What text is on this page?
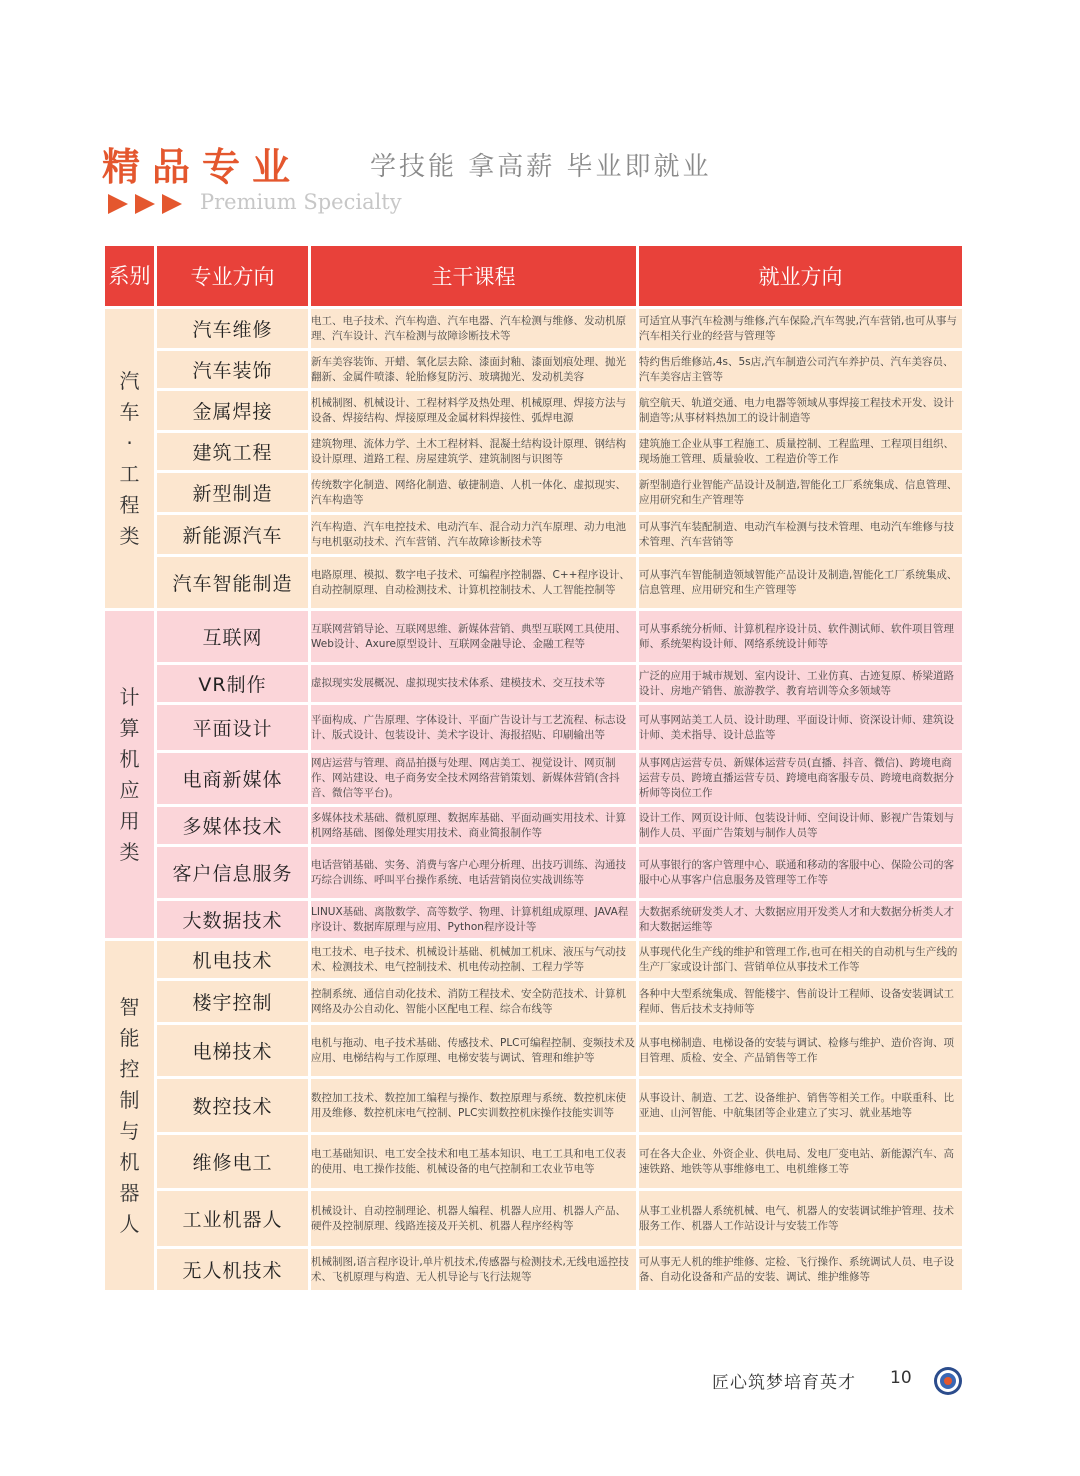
精品专业	学技能 拿高薪 毕业即就业
Premium Specialty
系别	专业方向	主干课程	就业方向

汽车·工程类	汽车维修	电工、电子技术、汽车构造、汽车电器、汽车检测与维修、发动机原理、汽车设计、汽车检测与故障诊断技术等	可适宜从事汽车检测与维修,汽车保险,汽车驾驶,汽车营销,也可从事与汽车相关行业的经营与管理等
	汽车装饰	新车美容装饰、开蜡、氧化层去除、漆面封釉、漆面划痕处理、抛光翻新、金属件喷漆、轮胎修复防污、玻璃抛光、发动机美容	特约售后维修站,4s、5s店,汽车制造公司汽车养护员、汽车美容员、汽车美容店主管等
	金属焊接	机械制图、机械设计、工程材料学及热处理、机械原理、焊接方法与设备、焊接结构、焊接原理及金属材料焊接性、弧焊电源	航空航天、轨道交通、电力电器等领域从事焊接工程技术开发、设计制造等;从事材料热加工的设计制造等
	建筑工程	建筑物理、流体力学、土木工程材料、混凝土结构设计原理、钢结构设计原理、道路工程、房屋建筑学、建筑制图与识图等	建筑施工企业从事工程施工、质量控制、工程监理、工程项目组织、现场施工管理、质量验收、工程造价等工作
	新型制造	传统数字化制造、网络化制造、敏捷制造、人机一体化、虚拟现实、汽车构造等	新型制造行业智能产品设计及制造,智能化工厂系统集成、信息管理、应用研究和生产管理等
	新能源汽车	汽车构造、汽车电控技术、电动汽车、混合动力汽车原理、动力电池与电机驱动技术、汽车营销、汽车故障诊断技术等	可从事汽车装配制造、电动汽车检测与技术管理、电动汽车维修与技术管理、汽车营销等
	汽车智能制造	电路原理、模拟、数字电子技术、可编程序控制器、C++程序设计、自动控制原理、自动检测技术、计算机控制技术、人工智能控制等	可从事汽车智能制造领域智能产品设计及制造,智能化工厂系统集成、信息管理、应用研究和生产管理等

计算机应用类	互联网	互联网营销导论、互联网思维、新媒体营销、典型互联网工具使用、Web设计、Axure原型设计、互联网金融导论、金融工程等	可从事系统分析师、计算机程序设计员、软件测试师、软件项目管理师、系统架构设计师、网络系统设计师等
	VR制作	虚拟现实发展概况、虚拟现实技术体系、建模技术、交互技术等	广泛的应用于城市规划、室内设计、工业仿真、古迹复原、桥梁道路设计、房地产销售、旅游教学、教育培训等众多领域等
	平面设计	平面构成、广告原理、字体设计、平面广告设计与工艺流程、标志设计、版式设计、包装设计、美术字设计、海报招贴、印刷输出等	可从事网站美工人员、设计助理、平面设计师、资深设计师、建筑设计师、美术指导、设计总监等
	电商新媒体	网店运营与管理、商品拍摄与处理、网店美工、视觉设计、网页制作、网站建设、电子商务安全技术网络营销策划、新媒体营销(含抖音、微信等平台)。	从事网店运营专员、新媒体运营专员(直播、抖音、微信)、跨境电商运营专员、跨境直播运营专员、跨境电商客服专员、跨境电商数据分析师等岗位工作
	多媒体技术	多媒体技术基础、微机原理、数据库基础、平面动画实用技术、计算机网络基础、图像处理实用技术、商业简报制作等	设计工作、网页设计师、包装设计师、空间设计师、影视广告策划与制作人员、平面广告策划与制作人员等
	客户信息服务	电话营销基础、实务、消费与客户心理分析理、出技巧训练、沟通技巧综合训练、呼叫平台操作系统、电话营销岗位实战训练等	可从事银行的客户管理中心、联通和移动的客服中心、保险公司的客服中心从事客户信息服务及管理等工作等
	大数据技术	LINUX基础、离散数学、高等数学、物理、计算机组成原理、JAVA程序设计、数据库原理与应用、Python程序设计等	大数据系统研发类人才、大数据应用开发类人才和大数据分析类人才和大数据运维等

智能控制与机器人	机电技术	电工技术、电子技术、机械设计基础、机械加工机床、液压与气动技术、检测技术、电气控制技术、机电传动控制、工程力学等	从事现代化生产线的维护和管理工作,也可在相关的自动机与生产线的生产厂家或设计部门、营销单位从事技术工作等
	楼宇控制	控制系统、通信自动化技术、消防工程技术、安全防范技术、计算机网络及办公自动化、智能小区配电工程、综合布线等	各种中大型系统集成、智能楼宇、售前设计工程师、设备安装调试工程师、售后技术支持师等
	电梯技术	电机与拖动、电子技术基础、传感技术、PLC可编程控制、变频技术及应用、电梯结构与工作原理、电梯安装与调试、管理和维护等	从事电梯制造、电梯设备的安装与调试、检修与维护、造价咨询、项目管理、质检、安全、产品销售等工作
	数控技术	数控加工技术、数控加工编程与操作、数控原理与系统、数控机床使用及维修、数控机床电气控制、PLC实训数控机床操作技能实训等	从事设计、制造、工艺、设备维护、销售等相关工作。中联重科、比亚迪、山河智能、中航集团等企业建立了实习、就业基地等
	维修电工	电工基础知识、电工安全技术和电工基本知识、电工工具和电工仪表的使用、电工操作技能、机械设备的电气控制和工农业节电等	可在各大企业、外资企业、供电局、发电厂变电站、新能源汽车、高速铁路、地铁等从事维修电工、电机维修工等
	工业机器人	机械设计、自动控制理论、机器人编程、机器人应用、机器人产品、硬件及控制原理、线路连接及开关机、机器人程序经构等	从事工业机器人系统机械、电气、机器人的安装调试维护管理、技术服务工作、机器人工作站设计与安装工作等
	无人机技术	机械制图,语言程序设计,单片机技术,传感器与检测技术,无线电遥控技术、飞机原理与构造、无人机导论与飞行法规等	可从事无人机的维护维修、定检、飞行操作、系统调试人员、电子设备、自动化设备和产品的安装、调试、维护维修等
匠心筑梦培育英才 10
